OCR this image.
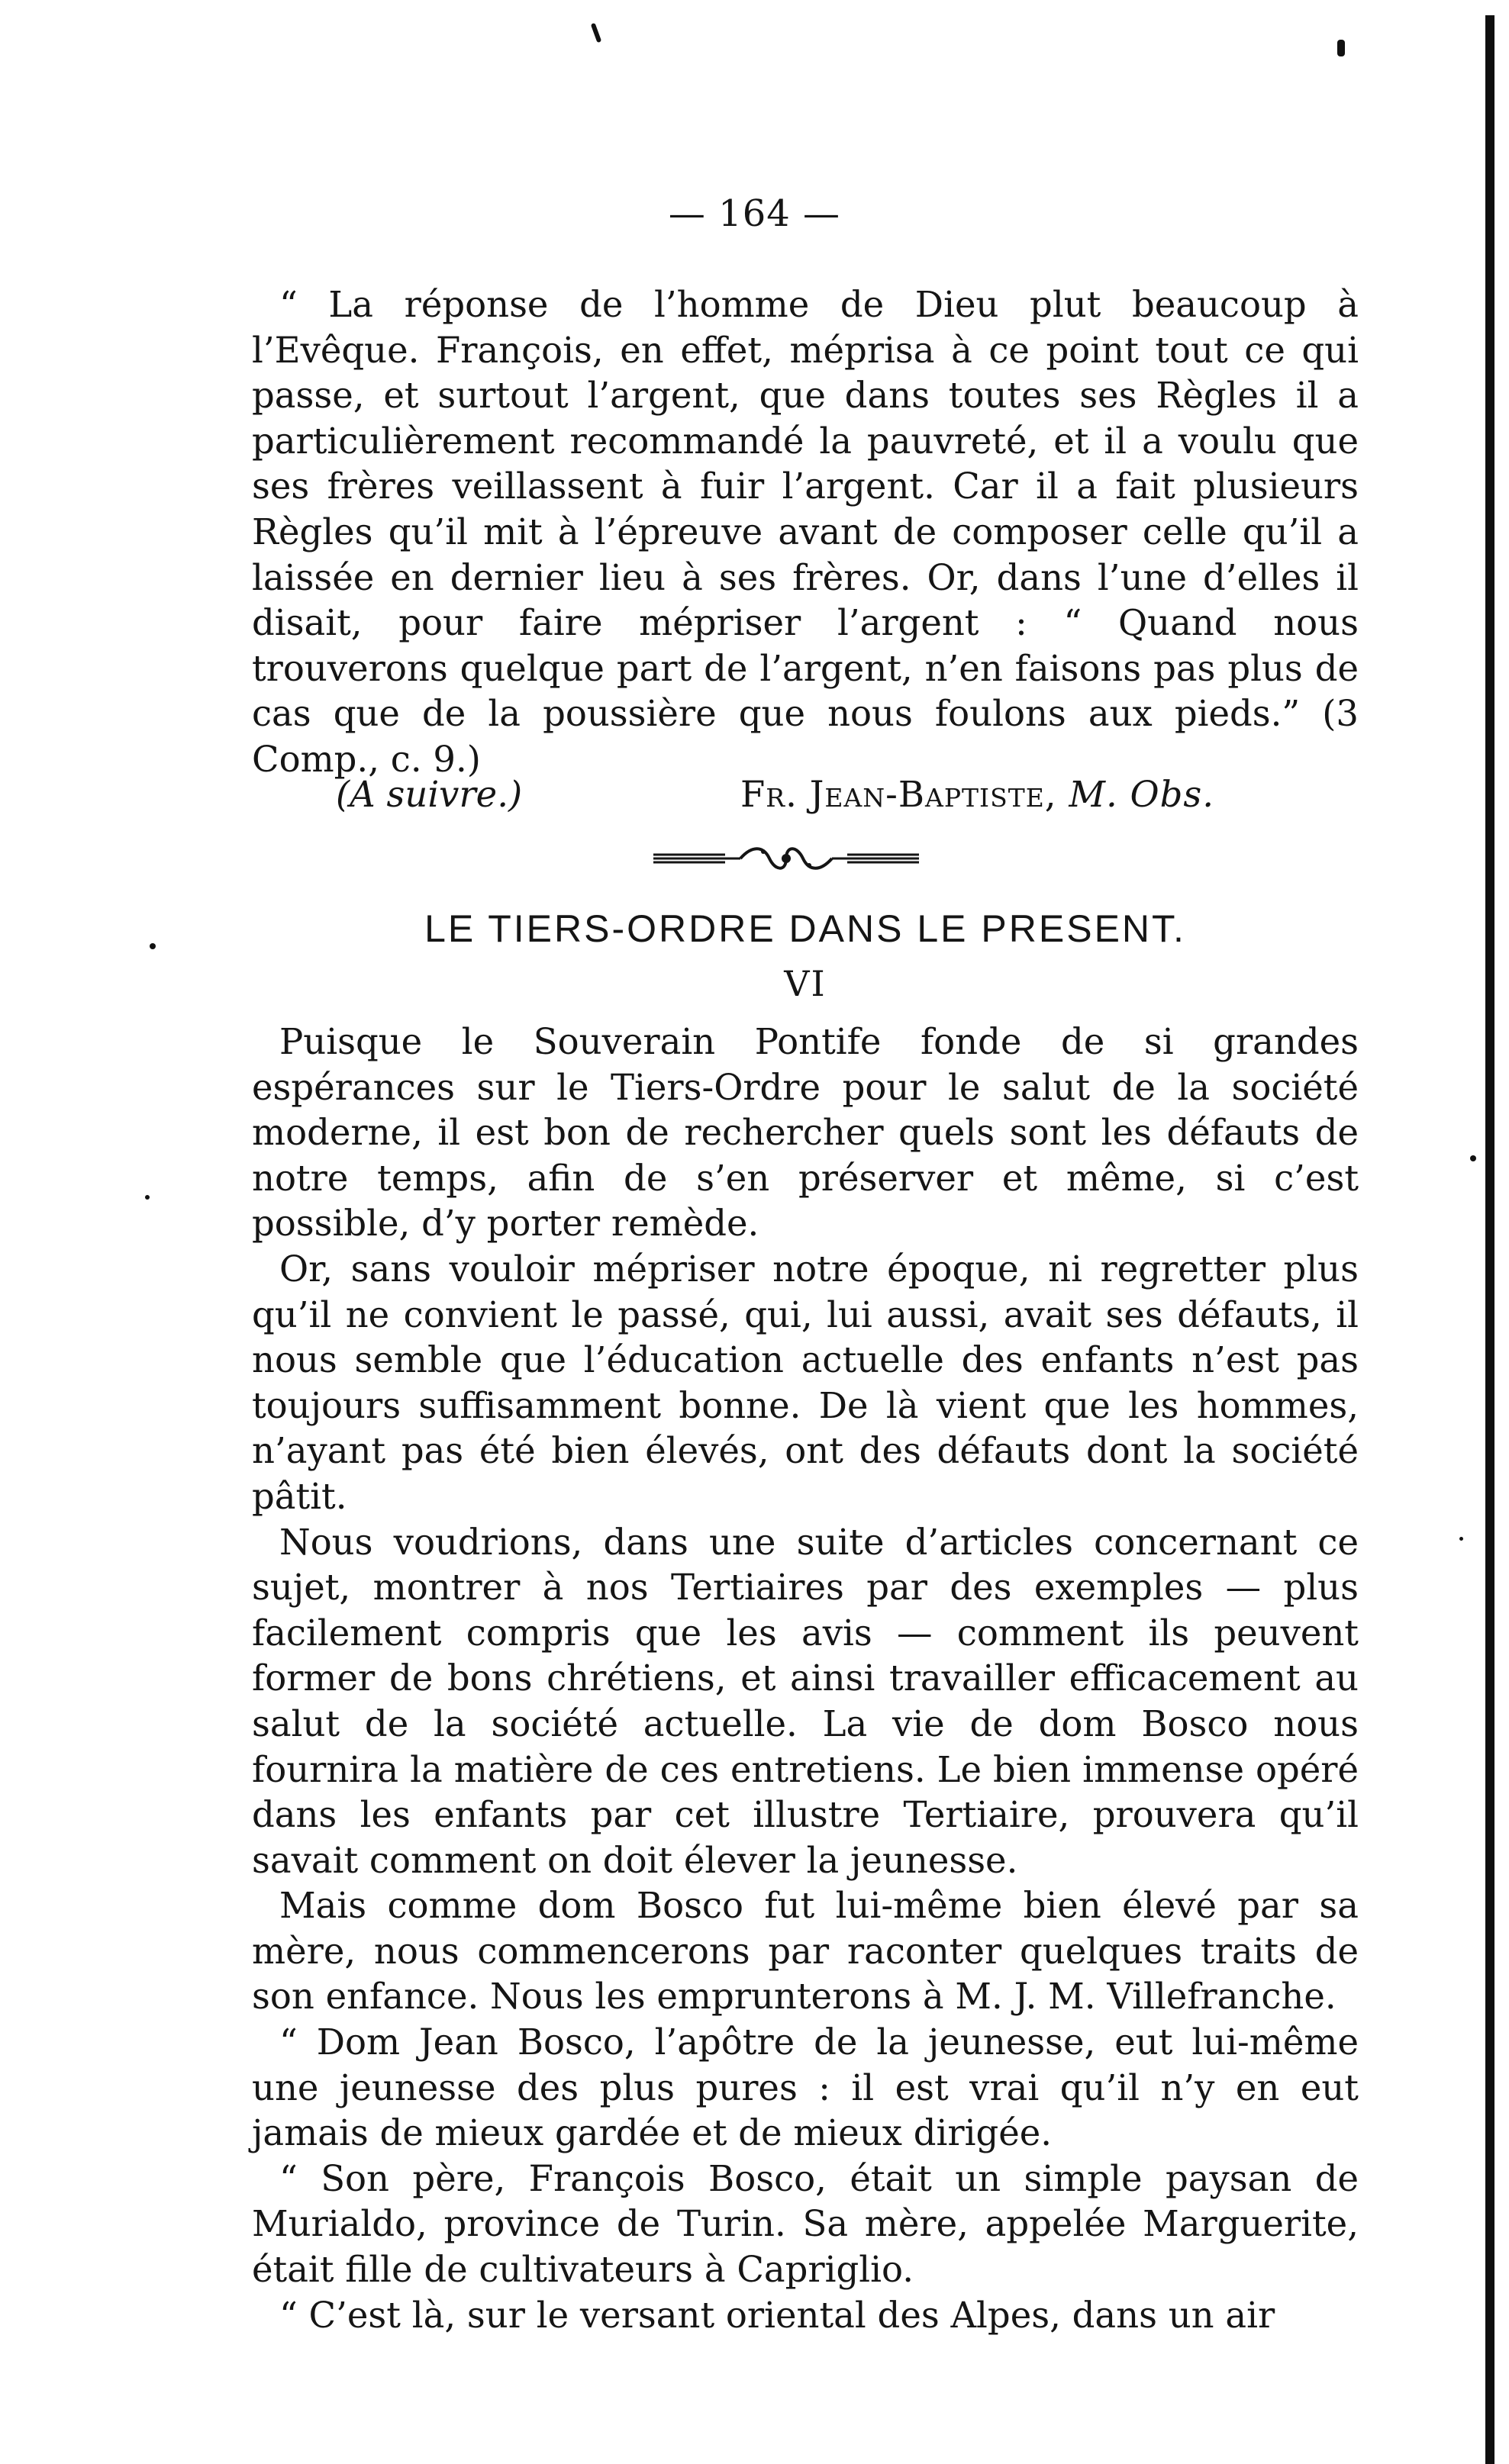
— 164 —

“ La réponse de l’homme de Dieu plut beaucoup à l’Evêque. François, en effet, méprisa à ce point tout ce qui passe, et surtout l’argent, que dans toutes ses Règles il a particulièrement recommandé la pauvreté, et il a voulu que ses frères veillassent à fuir l’argent. Car il a fait plusieurs Règles qu’il mit à l’épreuve avant de composer celle qu’il a laissée en dernier lieu à ses frères. Or, dans l’une d’elles il disait, pour faire mépriser l’argent : “ Quand nous trouverons quelque part de l’argent, n’en faisons pas plus de cas que de la poussière que nous foulons aux pieds.” (3 Comp., c. 9.)

(A suivre.)	Fr. Jean-Baptiste, M. Obs.
LE TIERS-ORDRE DANS LE PRESENT.
VI

Puisque le Souverain Pontife fonde de si grandes espérances sur le Tiers-Ordre pour le salut de la société moderne, il est bon de rechercher quels sont les défauts de notre temps, afin de s’en préserver et même, si c’est possible, d’y porter remède.

Or, sans vouloir mépriser notre époque, ni regretter plus qu’il ne convient le passé, qui, lui aussi, avait ses défauts, il nous semble que l’éducation actuelle des enfants n’est pas toujours suffisamment bonne. De là vient que les hommes, n’ayant pas été bien élevés, ont des défauts dont la société pâtit.

Nous voudrions, dans une suite d’articles concernant ce sujet, montrer à nos Tertiaires par des exemples — plus facilement compris que les avis — comment ils peuvent former de bons chrétiens, et ainsi travailler efficacement au salut de la société actuelle. La vie de dom Bosco nous fournira la matière de ces entretiens. Le bien immense opéré dans les enfants par cet illustre Tertiaire, prouvera qu’il savait comment on doit élever la jeunesse.

Mais comme dom Bosco fut lui-même bien élevé par sa mère, nous commencerons par raconter quelques traits de son enfance. Nous les emprunterons à M. J. M. Villefranche.

“ Dom Jean Bosco, l’apôtre de la jeunesse, eut lui-même une jeunesse des plus pures : il est vrai qu’il n’y en eut jamais de mieux gardée et de mieux dirigée.

“ Son père, François Bosco, était un simple paysan de Murialdo, province de Turin. Sa mère, appelée Marguerite, était fille de cultivateurs à Capriglio.

“ C’est là, sur le versant oriental des Alpes, dans un air
